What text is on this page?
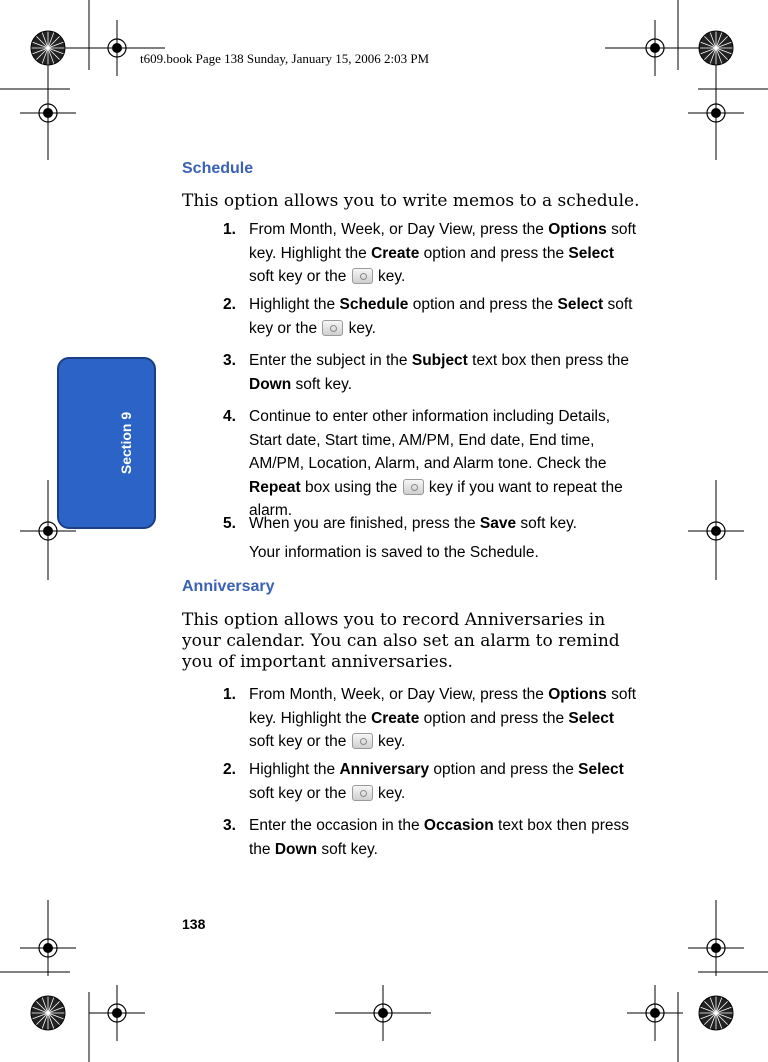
t609.book Page 138 Sunday, January 15, 2006 2:03 PM
Section 9
Schedule
This option allows you to write memos to a schedule.
1. From Month, Week, or Day View, press the Options soft key. Highlight the Create option and press the Select soft key or the  key.
2. Highlight the Schedule option and press the Select soft key or the  key.
3. Enter the subject in the Subject text box then press the Down soft key.
4. Continue to enter other information including Details, Start date, Start time, AM/PM, End date, End time, AM/PM, Location, Alarm, and Alarm tone. Check the Repeat box using the  key if you want to repeat the alarm.
5. When you are finished, press the Save soft key.
Your information is saved to the Schedule.
Anniversary
This option allows you to record Anniversaries in your calendar. You can also set an alarm to remind you of important anniversaries.
1. From Month, Week, or Day View, press the Options soft key. Highlight the Create option and press the Select soft key or the  key.
2. Highlight the Anniversary option and press the Select soft key or the  key.
3. Enter the occasion in the Occasion text box then press the Down soft key.
138
